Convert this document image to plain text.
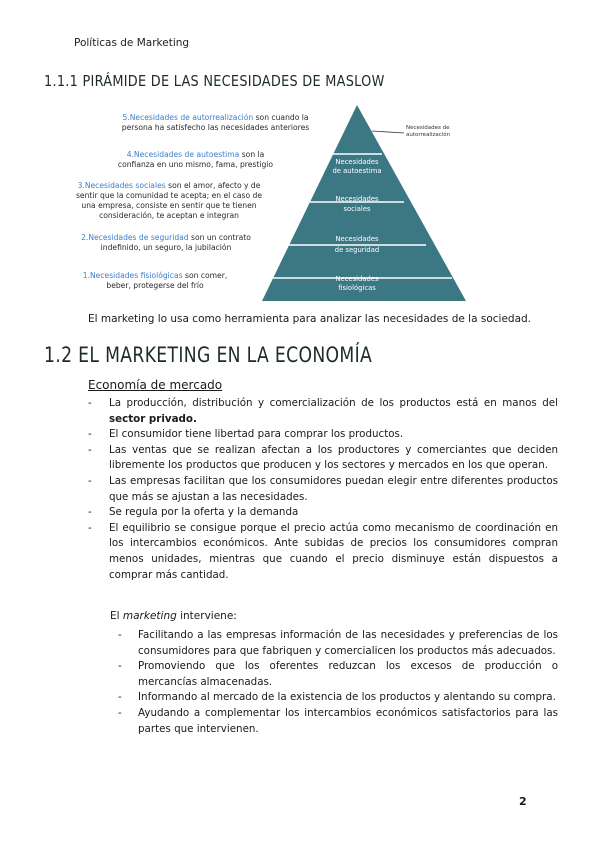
Políticas de Marketing
1.1.1 PIRÁMIDE DE LAS NECESIDADES DE MASLOW
5.Necesidades de autorrealización son cuando la persona ha satisfecho las necesidades anteriores
4.Necesidades de autoestima son la confianza en uno mismo, fama, prestigio
3.Necesidades sociales son el amor, afecto y de sentir que la comunidad te acepta; en el caso de una empresa, consiste en sentir que te tienen consideración, te aceptan e integran
2.Necesidades de seguridad son un contrato indefinido, un seguro, la jubilación
1.Necesidades fisiológicas son comer, beber, protegerse del frío
Necesidades
de autoestima
Necesidades
sociales
Necesidades
de seguridad
Necesidades
fisiológicas
Necesidades de autorrealización
El marketing lo usa como herramienta para analizar las necesidades de la sociedad.
1.2 EL MARKETING EN LA ECONOMÍA
Economía de mercado
- La producción, distribución y comercialización de los productos está en manos del sector privado.
- El consumidor tiene libertad para comprar los productos.
- Las ventas que se realizan afectan a los productores y comerciantes que deciden libremente los productos que producen y los sectores y mercados en los que operan.
- Las empresas facilitan que los consumidores puedan elegir entre diferentes productos que más se ajustan a las necesidades.
- Se regula por la oferta y la demanda
- El equilibrio se consigue porque el precio actúa como mecanismo de coordinación en los intercambios económicos. Ante subidas de precios los consumidores compran menos unidades, mientras que cuando el precio disminuye están dispuestos a comprar más cantidad.
El marketing interviene:
- Facilitando a las empresas información de las necesidades y preferencias de los consumidores para que fabriquen y comercialicen los productos más adecuados.
- Promoviendo que los oferentes reduzcan los excesos de producción o mercancías almacenadas.
- Informando al mercado de la existencia de los productos y alentando su compra.
- Ayudando a complementar los intercambios económicos satisfactorios para las partes que intervienen.
2
